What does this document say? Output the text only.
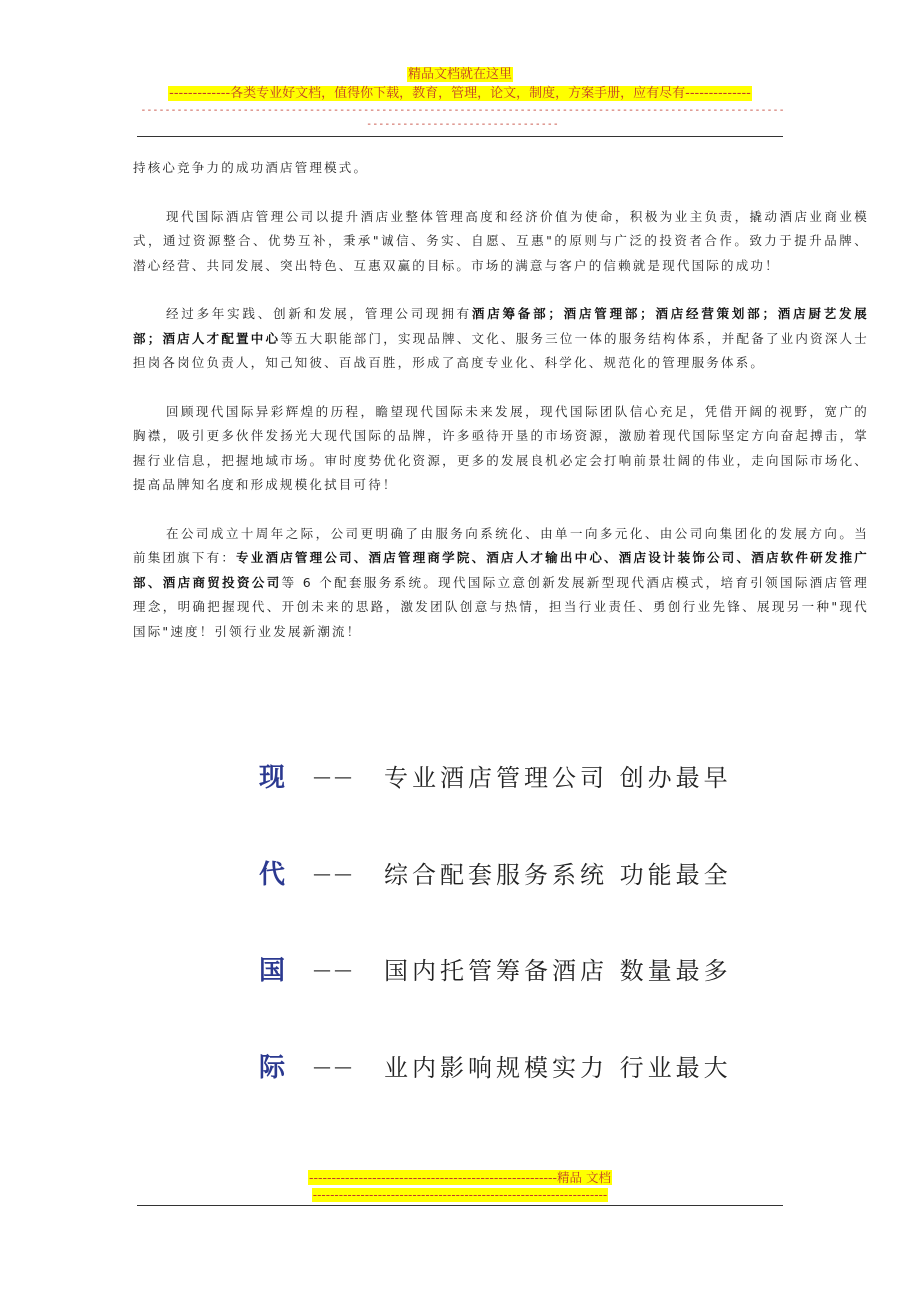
精品文档就在这里
-------------各类专业好文档，值得你下载，教育，管理，论文，制度，方案手册，应有尽有--------------
-------------------------------------------------------------------------------------------------------------------------------------------

持核心竞争力的成功酒店管理模式。

现代国际酒店管理公司以提升酒店业整体管理高度和经济价值为使命，积极为业主负责，撬动酒店业商业模式，通过资源整合、优势互补，秉承"诚信、务实、自愿、互惠"的原则与广泛的投资者合作。致力于提升品牌、潜心经营、共同发展、突出特色、互惠双赢的目标。市场的满意与客户的信赖就是现代国际的成功！

经过多年实践、创新和发展，管理公司现拥有酒店筹备部；酒店管理部；酒店经营策划部；酒店厨艺发展部；酒店人才配置中心等五大职能部门，实现品牌、文化、服务三位一体的服务结构体系，并配备了业内资深人士担岗各岗位负责人，知己知彼、百战百胜，形成了高度专业化、科学化、规范化的管理服务体系。

回顾现代国际异彩辉煌的历程，瞻望现代国际未来发展，现代国际团队信心充足，凭借开阔的视野，宽广的胸襟，吸引更多伙伴发扬光大现代国际的品牌，许多亟待开垦的市场资源，激励着现代国际坚定方向奋起搏击，掌握行业信息，把握地域市场。审时度势优化资源，更多的发展良机必定会打响前景壮阔的伟业，走向国际市场化、提高品牌知名度和形成规模化拭目可待！

在公司成立十周年之际，公司更明确了由服务向系统化、由单一向多元化、由公司向集团化的发展方向。当前集团旗下有：专业酒店管理公司、酒店管理商学院、酒店人才输出中心、酒店设计装饰公司、酒店软件研发推广部、酒店商贸投资公司等 6 个配套服务系统。现代国际立意创新发展新型现代酒店模式，培育引领国际酒店管理理念，明确把握现代、开创未来的思路，激发团队创意与热情，担当行业责任、勇创行业先锋、展现另一种"现代国际"速度！引领行业发展新潮流！

现 —— 专业酒店管理公司 创办最早
代 —— 综合配套服务系统 功能最全
国 —— 国内托管筹备酒店 数量最多
际 —— 业内影响规模实力 行业最大
-------------------------------------------------------精品 文档
--------------------------------------------------------------------
